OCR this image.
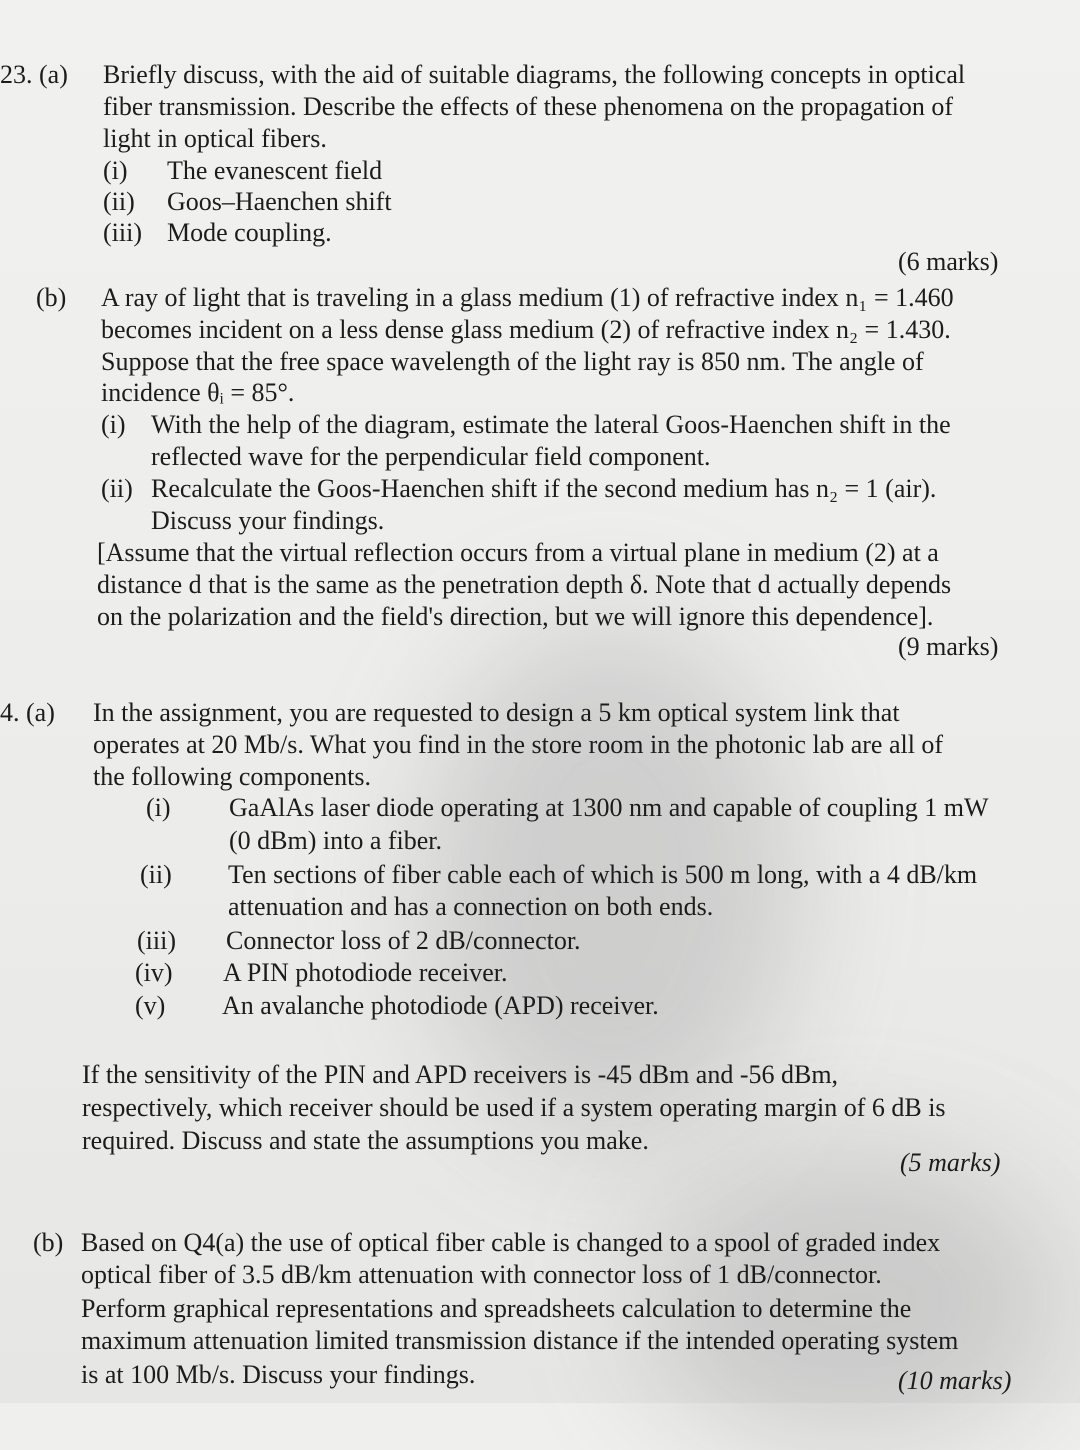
23. (a) Briefly discuss, with the aid of suitable diagrams, the following concepts in optical
fiber transmission. Describe the effects of these phenomena on the propagation of
light in optical fibers.
(i) The evanescent field
(ii) Goos–Haenchen shift
(iii) Mode coupling.
(6 marks)
(b) A ray of light that is traveling in a glass medium (1) of refractive index n₁ = 1.460
becomes incident on a less dense glass medium (2) of refractive index n₂ = 1.430.
Suppose that the free space wavelength of the light ray is 850 nm. The angle of
incidence θᵢ = 85°.
(i) With the help of the diagram, estimate the lateral Goos-Haenchen shift in the
reflected wave for the perpendicular field component.
(ii) Recalculate the Goos-Haenchen shift if the second medium has n₂ = 1 (air).
Discuss your findings.
[Assume that the virtual reflection occurs from a virtual plane in medium (2) at a
distance d that is the same as the penetration depth δ. Note that d actually depends
on the polarization and the field's direction, but we will ignore this dependence].
(9 marks)
4. (a) In the assignment, you are requested to design a 5 km optical system link that
operates at 20 Mb/s. What you find in the store room in the photonic lab are all of
the following components.
(i) GaAlAs laser diode operating at 1300 nm and capable of coupling 1 mW
(0 dBm) into a fiber.
(ii) Ten sections of fiber cable each of which is 500 m long, with a 4 dB/km
attenuation and has a connection on both ends.
(iii) Connector loss of 2 dB/connector.
(iv) A PIN photodiode receiver.
(v) An avalanche photodiode (APD) receiver.
If the sensitivity of the PIN and APD receivers is -45 dBm and -56 dBm,
respectively, which receiver should be used if a system operating margin of 6 dB is
required. Discuss and state the assumptions you make.
(5 marks)
(b) Based on Q4(a) the use of optical fiber cable is changed to a spool of graded index
optical fiber of 3.5 dB/km attenuation with connector loss of 1 dB/connector.
Perform graphical representations and spreadsheets calculation to determine the
maximum attenuation limited transmission distance if the intended operating system
is at 100 Mb/s. Discuss your findings.	(10 marks)
